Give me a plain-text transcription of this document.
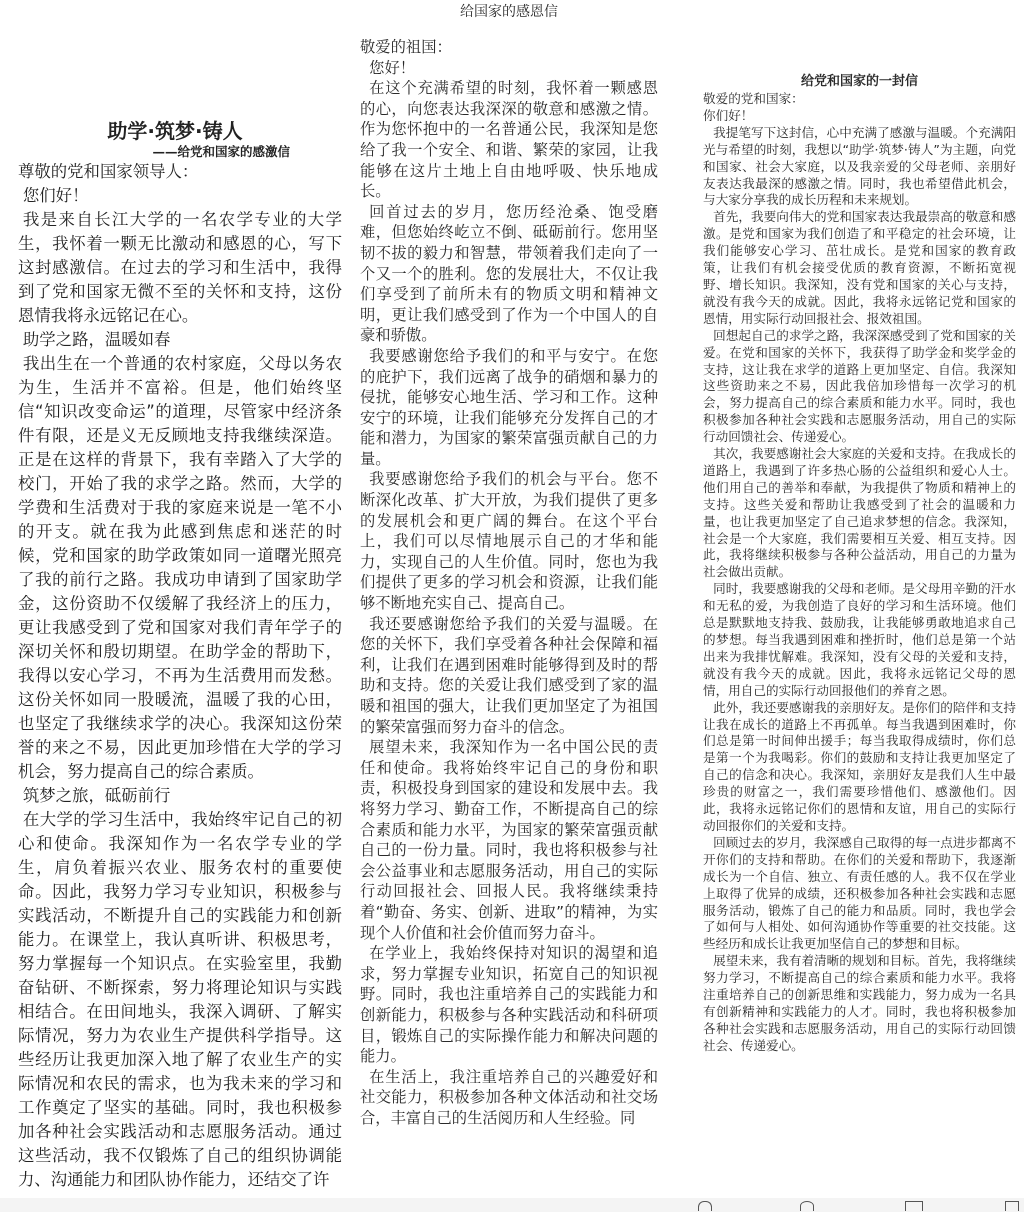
助学·筑梦·铸人

——给党和国家的感激信

尊敬的党和国家领导人：

您们好！

我是来自长江大学的一名农学专业的大学生，我怀着一颗无比激动和感恩的心，写下这封感激信。在过去的学习和生活中，我得到了党和国家无微不至的关怀和支持，这份恩情我将永远铭记在心。

助学之路，温暖如春

我出生在一个普通的农村家庭，父母以务农为生，生活并不富裕。但是，他们始终坚信“知识改变命运”的道理，尽管家中经济条件有限，还是义无反顾地支持我继续深造。正是在这样的背景下，我有幸踏入了大学的校门，开始了我的求学之路。然而，大学的学费和生活费对于我的家庭来说是一笔不小的开支。就在我为此感到焦虑和迷茫的时候，党和国家的助学政策如同一道曙光照亮了我的前行之路。我成功申请到了国家助学金，这份资助不仅缓解了我经济上的压力，更让我感受到了党和国家对我们青年学子的深切关怀和殷切期望。在助学金的帮助下，我得以安心学习，不再为生活费用而发愁。这份关怀如同一股暖流，温暖了我的心田，也坚定了我继续求学的决心。我深知这份荣誉的来之不易，因此更加珍惜在大学的学习机会，努力提高自己的综合素质。

筑梦之旅，砥砺前行

在大学的学习生活中，我始终牢记自己的初心和使命。我深知作为一名农学专业的学生，肩负着振兴农业、服务农村的重要使命。因此，我努力学习专业知识，积极参与实践活动，不断提升自己的实践能力和创新能力。在课堂上，我认真听讲、积极思考，努力掌握每一个知识点。在实验室里，我勤奋钻研、不断探索，努力将理论知识与实践相结合。在田间地头，我深入调研、了解实际情况，努力为农业生产提供科学指导。这些经历让我更加深入地了解了农业生产的实际情况和农民的需求，也为我未来的学习和工作奠定了坚实的基础。同时，我也积极参加各种社会实践活动和志愿服务活动。通过这些活动，我不仅锻炼了自己的组织协调能力、沟通能力和团队协作能力，还结交了许

给国家的感恩信

敬爱的祖国：

您好！

在这个充满希望的时刻，我怀着一颗感恩的心，向您表达我深深的敬意和感激之情。作为您怀抱中的一名普通公民，我深知是您给了我一个安全、和谐、繁荣的家园，让我能够在这片土地上自由地呼吸、快乐地成长。

回首过去的岁月，您历经沧桑、饱受磨难，但您始终屹立不倒、砥砺前行。您用坚韧不拔的毅力和智慧，带领着我们走向了一个又一个的胜利。您的发展壮大，不仅让我们享受到了前所未有的物质文明和精神文明，更让我们感受到了作为一个中国人的自豪和骄傲。

我要感谢您给予我们的和平与安宁。在您的庇护下，我们远离了战争的硝烟和暴力的侵扰，能够安心地生活、学习和工作。这种安宁的环境，让我们能够充分发挥自己的才能和潜力，为国家的繁荣富强贡献自己的力量。

我要感谢您给予我们的机会与平台。您不断深化改革、扩大开放，为我们提供了更多的发展机会和更广阔的舞台。在这个平台上，我们可以尽情地展示自己的才华和能力，实现自己的人生价值。同时，您也为我们提供了更多的学习机会和资源，让我们能够不断地充实自己、提高自己。

我还要感谢您给予我们的关爱与温暖。在您的关怀下，我们享受着各种社会保障和福利，让我们在遇到困难时能够得到及时的帮助和支持。您的关爱让我们感受到了家的温暖和祖国的强大，让我们更加坚定了为祖国的繁荣富强而努力奋斗的信念。

展望未来，我深知作为一名中国公民的责任和使命。我将始终牢记自己的身份和职责，积极投身到国家的建设和发展中去。我将努力学习、勤奋工作，不断提高自己的综合素质和能力水平，为国家的繁荣富强贡献自己的一份力量。同时，我也将积极参与社会公益事业和志愿服务活动，用自己的实际行动回报社会、回报人民。我将继续秉持着“勤奋、务实、创新、进取”的精神，为实现个人价值和社会价值而努力奋斗。

在学业上，我始终保持对知识的渴望和追求，努力掌握专业知识，拓宽自己的知识视野。同时，我也注重培养自己的实践能力和创新能力，积极参与各种实践活动和科研项目，锻炼自己的实际操作能力和解决问题的能力。

在生活上，我注重培养自己的兴趣爱好和社交能力，积极参加各种文体活动和社交场合，丰富自己的生活阅历和人生经验。同

给党和国家的一封信

敬爱的党和国家：

你们好！

我提笔写下这封信，心中充满了感激与温暖。个充满阳光与希望的时刻，我想以“助学·筑梦·铸人”为主题，向党和国家、社会大家庭，以及我亲爱的父母老师、亲朋好友表达我最深的感激之情。同时，我也希望借此机会，与大家分享我的成长历程和未来规划。

首先，我要向伟大的党和国家表达我最崇高的敬意和感激。是党和国家为我们创造了和平稳定的社会环境，让我们能够安心学习、茁壮成长。是党和国家的教育政策，让我们有机会接受优质的教育资源，不断拓宽视野、增长知识。我深知，没有党和国家的关心与支持，就没有我今天的成就。因此，我将永远铭记党和国家的恩情，用实际行动回报社会、报效祖国。

回想起自己的求学之路，我深深感受到了党和国家的关爱。在党和国家的关怀下，我获得了助学金和奖学金的支持，这让我在求学的道路上更加坚定、自信。我深知这些资助来之不易，因此我倍加珍惜每一次学习的机会，努力提高自己的综合素质和能力水平。同时，我也积极参加各种社会实践和志愿服务活动，用自己的实际行动回馈社会、传递爱心。

其次，我要感谢社会大家庭的关爱和支持。在我成长的道路上，我遇到了许多热心肠的公益组织和爱心人士。他们用自己的善举和奉献，为我提供了物质和精神上的支持。这些关爱和帮助让我感受到了社会的温暖和力量，也让我更加坚定了自己追求梦想的信念。我深知，社会是一个大家庭，我们需要相互关爱、相互支持。因此，我将继续积极参与各种公益活动，用自己的力量为社会做出贡献。

同时，我要感谢我的父母和老师。是父母用辛勤的汗水和无私的爱，为我创造了良好的学习和生活环境。他们总是默默地支持我、鼓励我，让我能够勇敢地追求自己的梦想。每当我遇到困难和挫折时，他们总是第一个站出来为我排忧解难。我深知，没有父母的关爱和支持，就没有我今天的成就。因此，我将永远铭记父母的恩情，用自己的实际行动回报他们的养育之恩。

此外，我还要感谢我的亲朋好友。是你们的陪伴和支持让我在成长的道路上不再孤单。每当我遇到困难时，你们总是第一时间伸出援手；每当我取得成绩时，你们总是第一个为我喝彩。你们的鼓励和支持让我更加坚定了自己的信念和决心。我深知，亲朋好友是我们人生中最珍贵的财富之一，我们需要珍惜他们、感激他们。因此，我将永远铭记你们的恩情和友谊，用自己的实际行动回报你们的关爱和支持。

回顾过去的岁月，我深感自己取得的每一点进步都离不开你们的支持和帮助。在你们的关爱和帮助下，我逐渐成长为一个自信、独立、有责任感的人。我不仅在学业上取得了优异的成绩，还积极参加各种社会实践和志愿服务活动，锻炼了自己的能力和品质。同时，我也学会了如何与人相处、如何沟通协作等重要的社交技能。这些经历和成长让我更加坚信自己的梦想和目标。

展望未来，我有着清晰的规划和目标。首先，我将继续努力学习，不断提高自己的综合素质和能力水平。我将注重培养自己的创新思维和实践能力，努力成为一名具有创新精神和实践能力的人才。同时，我也将积极参加各种社会实践和志愿服务活动，用自己的实际行动回馈社会、传递爱心。
